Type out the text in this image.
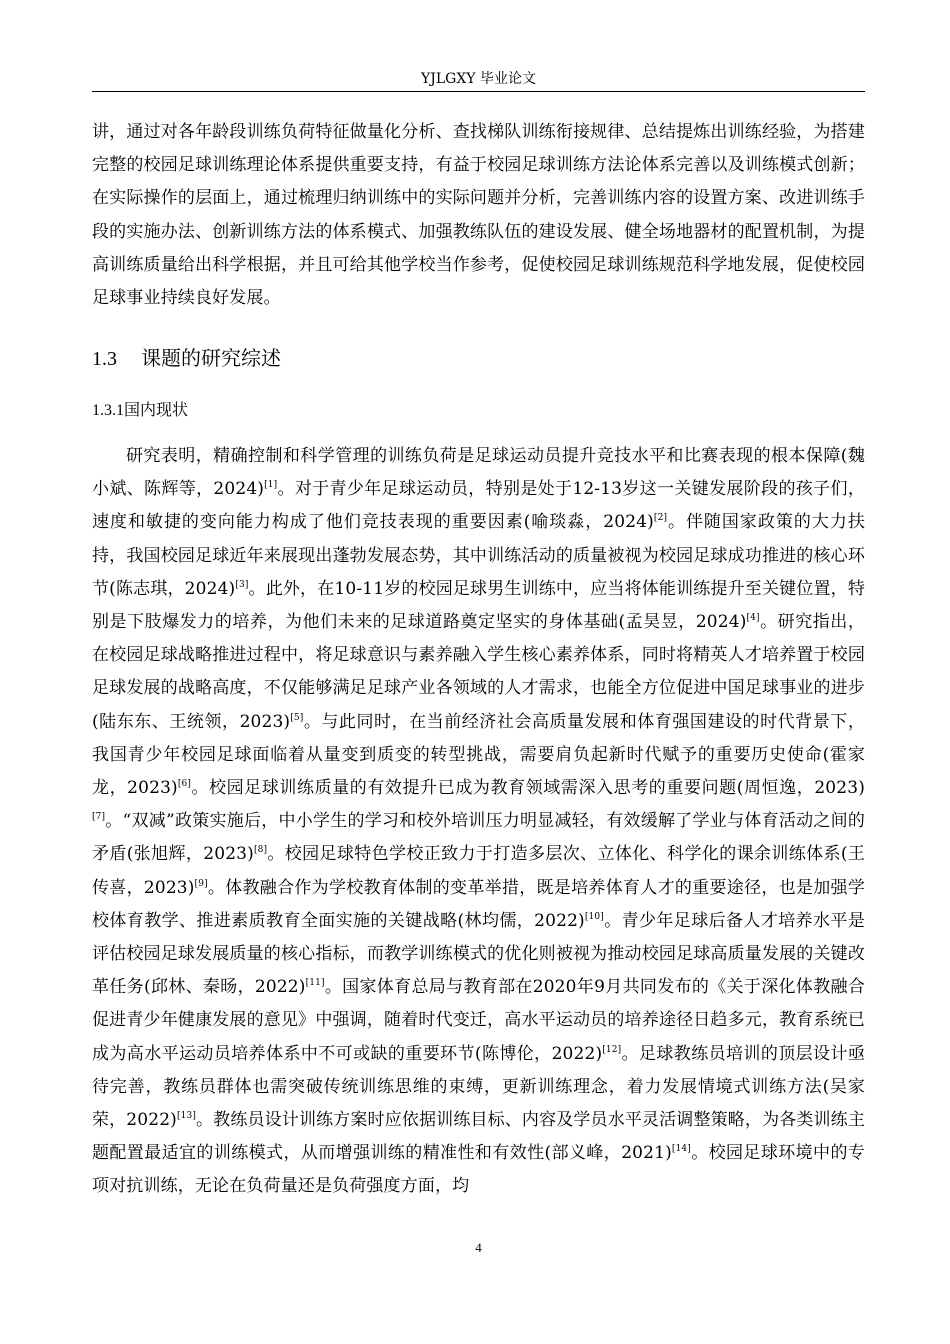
YJLGXY 毕业论文

讲，通过对各年龄段训练负荷特征做量化分析、查找梯队训练衔接规律、总结提炼出训练经验，为搭建完整的校园足球训练理论体系提供重要支持，有益于校园足球训练方法论体系完善以及训练模式创新；在实际操作的层面上，通过梳理归纳训练中的实际问题并分析，完善训练内容的设置方案、改进训练手段的实施办法、创新训练方法的体系模式、加强教练队伍的建设发展、健全场地器材的配置机制，为提高训练质量给出科学根据，并且可给其他学校当作参考，促使校园足球训练规范科学地发展，促使校园足球事业持续良好发展。

1.3 课题的研究综述
1.3.1国内现状

研究表明，精确控制和科学管理的训练负荷是足球运动员提升竞技水平和比赛表现的根本保障(魏小斌、陈辉等，2024)[1]。对于青少年足球运动员，特别是处于12-13岁这一关键发展阶段的孩子们，速度和敏捷的变向能力构成了他们竞技表现的重要因素(喻琰淼，2024)[2]。伴随国家政策的大力扶持，我国校园足球近年来展现出蓬勃发展态势，其中训练活动的质量被视为校园足球成功推进的核心环节(陈志琪，2024)[3]。此外，在10-11岁的校园足球男生训练中，应当将体能训练提升至关键位置，特别是下肢爆发力的培养，为他们未来的足球道路奠定坚实的身体基础(孟昊昱，2024)[4]。研究指出，在校园足球战略推进过程中，将足球意识与素养融入学生核心素养体系，同时将精英人才培养置于校园足球发展的战略高度，不仅能够满足足球产业各领域的人才需求，也能全方位促进中国足球事业的进步(陆东东、王统领，2023)[5]。与此同时，在当前经济社会高质量发展和体育强国建设的时代背景下，我国青少年校园足球面临着从量变到质变的转型挑战，需要肩负起新时代赋予的重要历史使命(霍家龙，2023)[6]。校园足球训练质量的有效提升已成为教育领域需深入思考的重要问题(周恒逸，2023)[7]。“双减”政策实施后，中小学生的学习和校外培训压力明显减轻，有效缓解了学业与体育活动之间的矛盾(张旭辉，2023)[8]。校园足球特色学校正致力于打造多层次、立体化、科学化的课余训练体系(王传喜，2023)[9]。体教融合作为学校教育体制的变革举措，既是培养体育人才的重要途径，也是加强学校体育教学、推进素质教育全面实施的关键战略(林均儒，2022)[10]。青少年足球后备人才培养水平是评估校园足球发展质量的核心指标，而教学训练模式的优化则被视为推动校园足球高质量发展的关键改革任务(邱林、秦旸，2022)[11]。国家体育总局与教育部在2020年9月共同发布的《关于深化体教融合促进青少年健康发展的意见》中强调，随着时代变迁，高水平运动员的培养途径日趋多元，教育系统已成为高水平运动员培养体系中不可或缺的重要环节(陈博伦，2022)[12]。足球教练员培训的顶层设计亟待完善，教练员群体也需突破传统训练思维的束缚，更新训练理念，着力发展情境式训练方法(吴家荣，2022)[13]。教练员设计训练方案时应依据训练目标、内容及学员水平灵活调整策略，为各类训练主题配置最适宜的训练模式，从而增强训练的精准性和有效性(部义峰，2021)[14]。校园足球环境中的专项对抗训练，无论在负荷量还是负荷强度方面，均

4
